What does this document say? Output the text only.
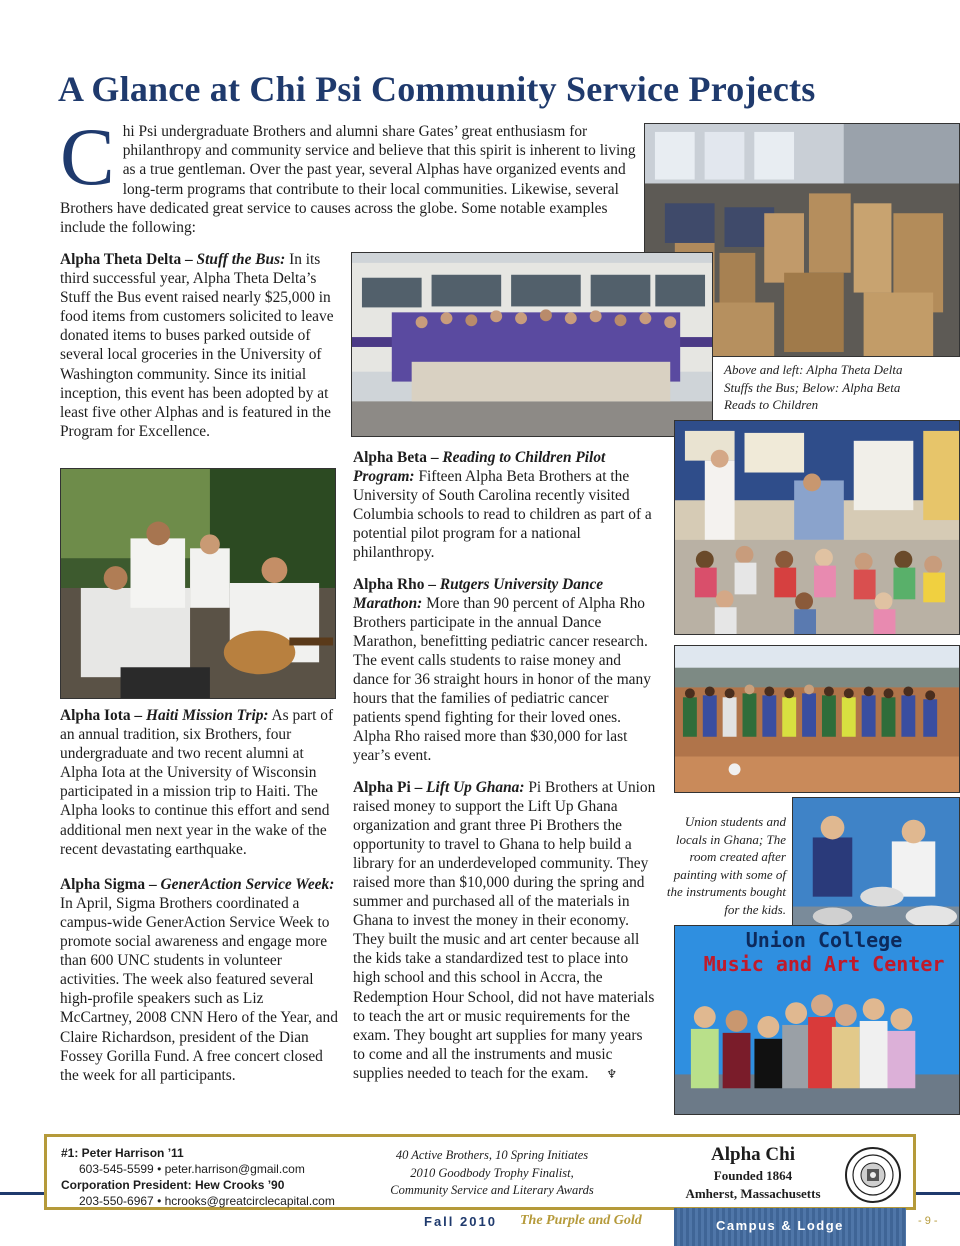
A Glance at Chi Psi Community Service Projects
Chi Psi undergraduate Brothers and alumni share Gates’ great enthusiasm for philanthropy and community service and believe that this spirit is inherent to living as a true gentleman. Over the past year, several Alphas have organized events and long-term programs that contribute to their local communities. Likewise, several Brothers have dedicated great service to causes across the globe. Some notable examples include the following:
Above and left: Alpha Theta Delta Stuffs the Bus; Below: Alpha Beta Reads to Children
Union students and locals in Ghana; The room created after painting with some of the instruments bought for the kids.
Union College
Music and Art Center

Alpha Theta Delta – Stuff the Bus: In its third successful year, Alpha Theta Delta’s Stuff the Bus event raised nearly $25,000 in food items from customers solicited to leave donated items to buses parked outside of several local groceries in the University of Washington community. Since its initial inception, this event has been adopted by at least five other Alphas and is featured in the Program for Excellence.

Alpha Iota – Haiti Mission Trip: As part of an annual tradition, six Brothers, four undergraduate and two recent alumni at Alpha Iota at the University of Wisconsin participated in a mission trip to Haiti. The Alpha looks to continue this effort and send additional men next year in the wake of the recent devastating earthquake.

Alpha Sigma – GenerAction Service Week: In April, Sigma Brothers coordinated a campus-wide GenerAction Service Week to promote social awareness and engage more than 600 UNC students in volunteer activities. The week also featured several high-profile speakers such as Liz McCartney, 2008 CNN Hero of the Year, and Claire Richardson, president of the Dian Fossey Gorilla Fund. A free concert closed the week for all participants.

Alpha Beta – Reading to Children Pilot Program: Fifteen Alpha Beta Brothers at the University of South Carolina recently visited Columbia schools to read to children as part of a potential pilot program for a national philanthropy.

Alpha Rho – Rutgers University Dance Marathon: More than 90 percent of Alpha Rho Brothers participate in the annual Dance Marathon, benefitting pediatric cancer research. The event calls students to raise money and dance for 36 straight hours in honor of the many hours that the families of pediatric cancer patients spend fighting for their loved ones. Alpha Rho raised more than $30,000 for last year’s event.

Alpha Pi – Lift Up Ghana: Pi Brothers at Union raised money to support the Lift Up Ghana organization and grant three Pi Brothers the opportunity to travel to Ghana to help build a library for an underdeveloped community. They raised more than $10,000 during the spring and summer and purchased all of the materials in Ghana to invest the money in their economy. They built the music and art center because all the kids take a standardized test to place into high school and this school in Accra, the Redemption Hour School, did not have materials to teach the art or music requirements for the exam. They bought art supplies for many years to come and all the instruments and music supplies needed to teach for the exam. ♆

#1: Peter Harrison ’11
603-545-5599 • peter.harrison@gmail.com
Corporation President: Hew Crooks ’90
203-550-6967 • hcrooks@greatcirclecapital.com
40 Active Brothers, 10 Spring Initiates
2010 Goodbody Trophy Finalist,
Community Service and Literary Awards
Alpha Chi
Founded 1864
Amherst, Massachusetts
Fall 2010 The Purple and Gold	Campus & Lodge	- 9 -
